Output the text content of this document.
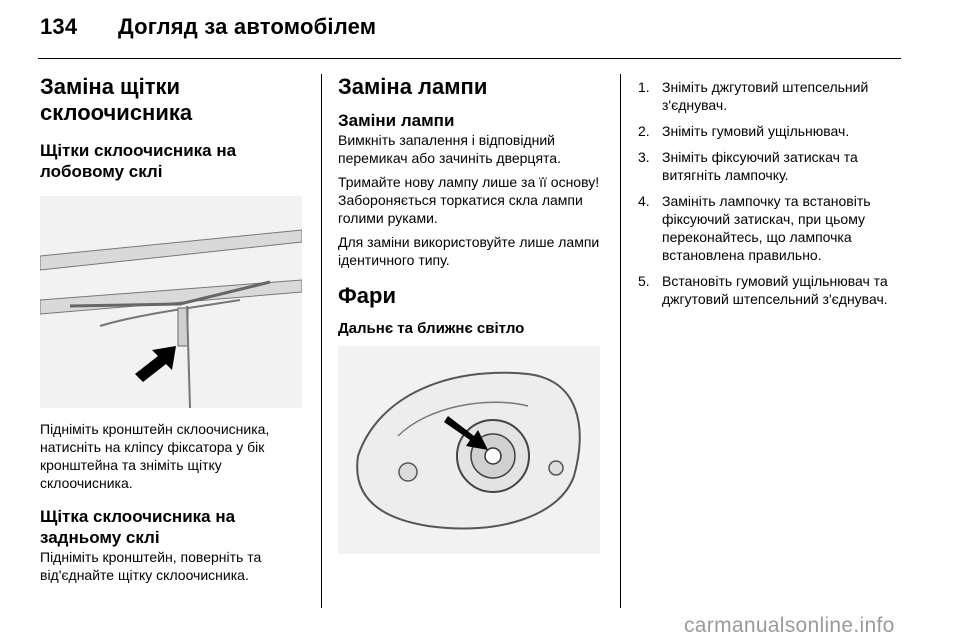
134 Догляд за автомобілем
Заміна щітки склоочисника
Щітки склоочисника на лобовому склі

Підніміть кронштейн склоочисника, натисніть на кліпсу фіксатора у бік кронштейна та зніміть щітку склоочисника.

Щітка склоочисника на задньому склі

Підніміть кронштейн, поверніть та від'єднайте щітку склоочисника.

Заміна лампи
Заміни лампи

Вимкніть запалення і відповідний перемикач або зачиніть дверцята.

Тримайте нову лампу лише за її основу! Забороняється торкатися скла лампи голими руками.

Для заміни використовуйте лише лампи ідентичного типу.

Фари
Дальнє та ближнє світло
1. Зніміть джгутовий штепсельний з'єднувач.
2. Зніміть гумовий ущільнювач.
3. Зніміть фіксуючий затискач та витягніть лампочку.
4. Замініть лампочку та встановіть фіксуючий затискач, при цьому переконайтесь, що лампочка встановлена правильно.
5. Встановіть гумовий ущільнювач та джгутовий штепсельний з'єднувач.
carmanualsonline.info
